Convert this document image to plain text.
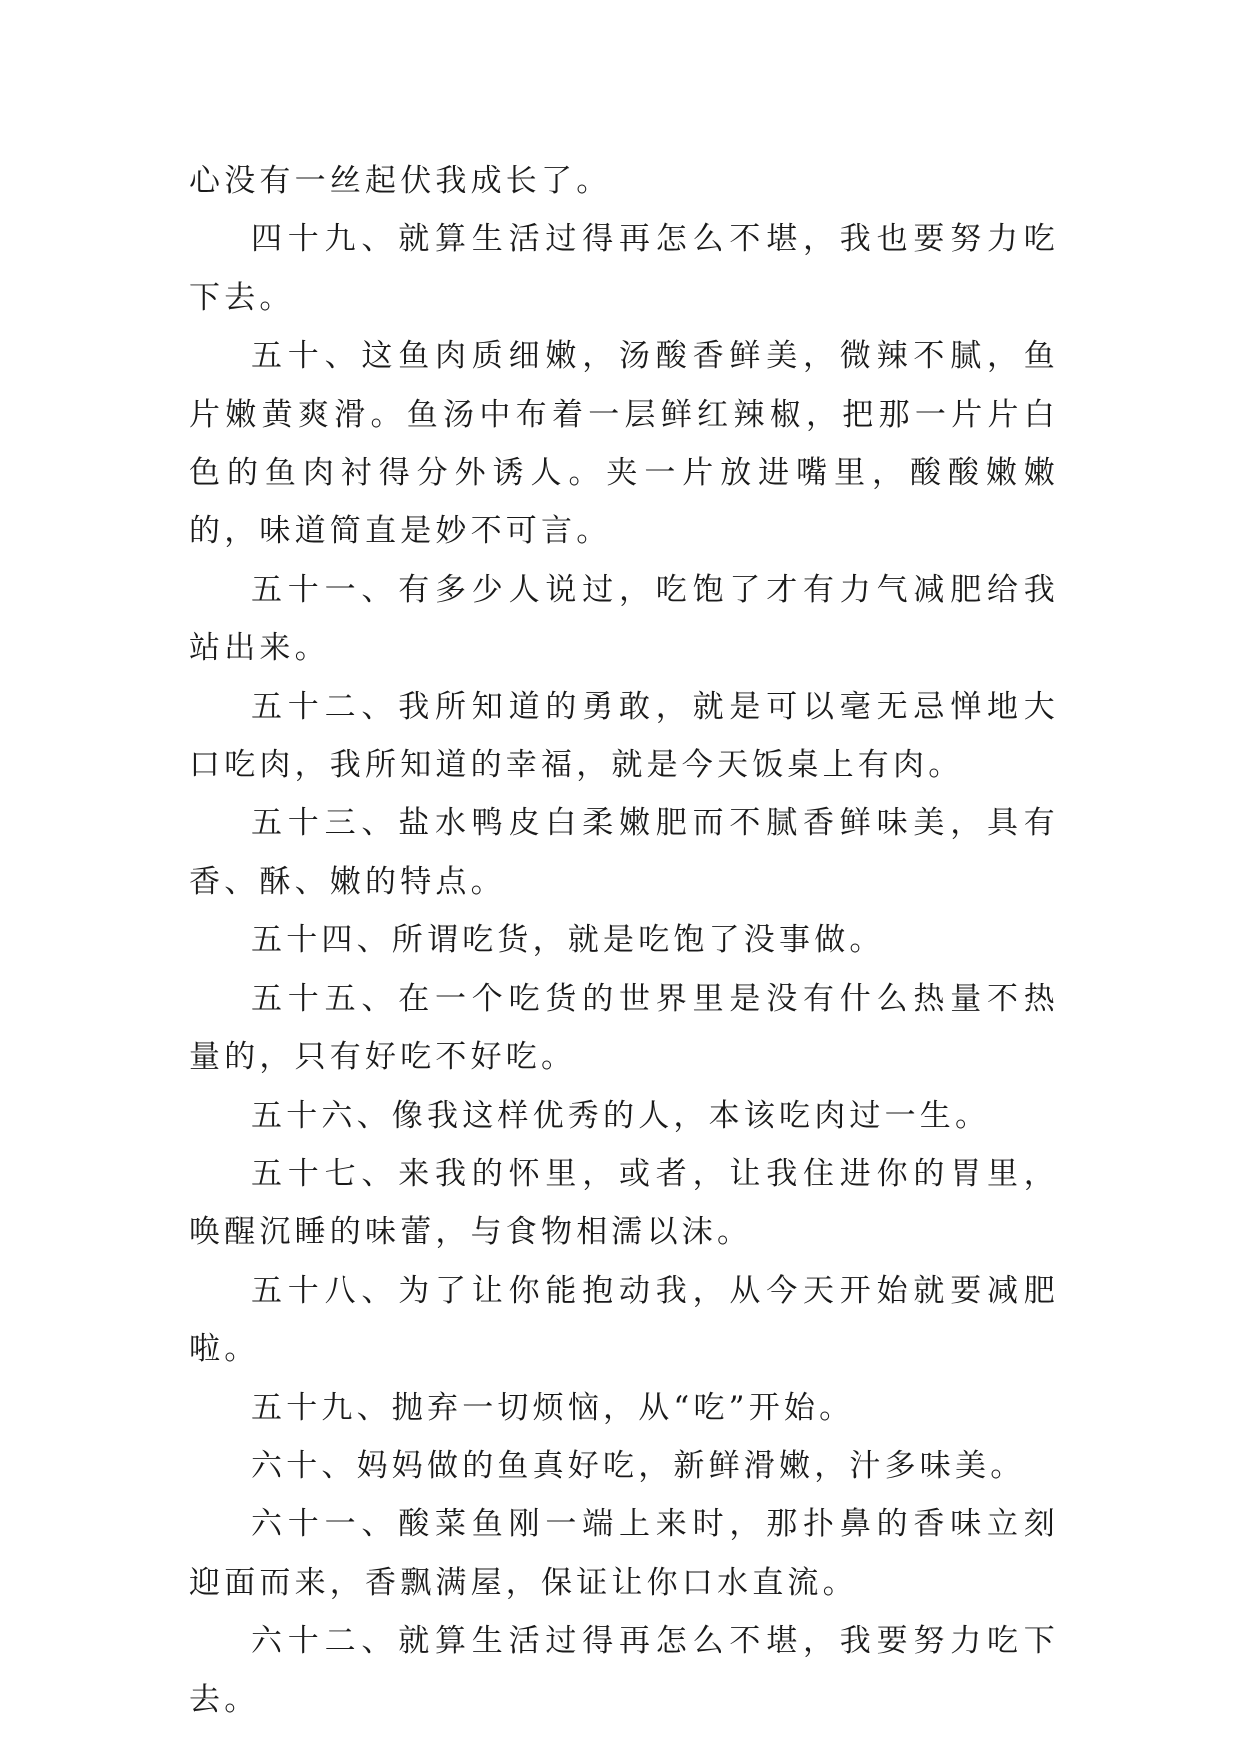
心没有一丝起伏我成长了。

四十九、就算生活过得再怎么不堪，我也要努力吃下去。

五十、这鱼肉质细嫩，汤酸香鲜美，微辣不腻，鱼片嫩黄爽滑。鱼汤中布着一层鲜红辣椒，把那一片片白色的鱼肉衬得分外诱人。夹一片放进嘴里，酸酸嫩嫩的，味道简直是妙不可言。

五十一、有多少人说过，吃饱了才有力气减肥给我站出来。

五十二、我所知道的勇敢，就是可以毫无忌惮地大口吃肉，我所知道的幸福，就是今天饭桌上有肉。

五十三、盐水鸭皮白柔嫩肥而不腻香鲜味美，具有香、酥、嫩的特点。

五十四、所谓吃货，就是吃饱了没事做。

五十五、在一个吃货的世界里是没有什么热量不热量的，只有好吃不好吃。

五十六、像我这样优秀的人，本该吃肉过一生。

五十七、来我的怀里，或者，让我住进你的胃里，唤醒沉睡的味蕾，与食物相濡以沫。

五十八、为了让你能抱动我，从今天开始就要减肥啦。

五十九、抛弃一切烦恼，从“吃”开始。

六十、妈妈做的鱼真好吃，新鲜滑嫩，汁多味美。

六十一、酸菜鱼刚一端上来时，那扑鼻的香味立刻迎面而来，香飘满屋，保证让你口水直流。

六十二、就算生活过得再怎么不堪，我要努力吃下去。
